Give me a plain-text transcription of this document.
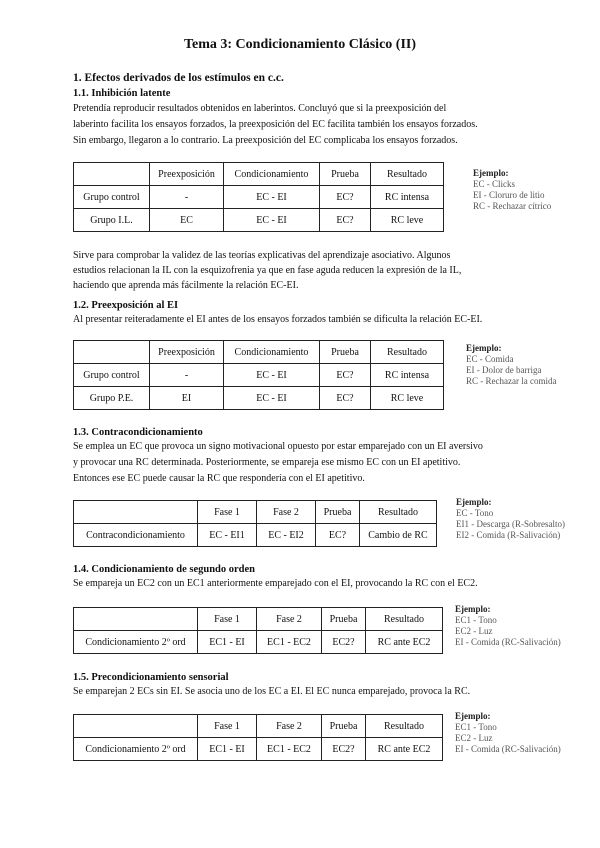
Tema 3: Condicionamiento Clásico (II)
1. Efectos derivados de los estímulos en c.c.
1.1. Inhibición latente
Pretendía reproducir resultados obtenidos en laberintos. Concluyó que si la preexposición del
laberinto facilita los ensayos forzados, la preexposición del EC facilita también los ensayos forzados.
Sin embargo, llegaron a lo contrario. La preexposición del EC complicaba los ensayos forzados.
	Preexposición	Condicionamiento	Prueba	Resultado
Grupo control	-	EC - EI	EC?	RC intensa
Grupo I.L.	EC	EC - EI	EC?	RC leve
Ejemplo:
EC - Clicks
EI - Cloruro de litio
RC - Rechazar cítrico
Sirve para comprobar la validez de las teorías explicativas del aprendizaje asociativo. Algunos
estudios relacionan la IL con la esquizofrenia ya que en fase aguda reducen la expresión de la IL,
haciendo que aprenda más fácilmente la relación EC-EI.
1.2. Preexposición al EI
Al presentar reiteradamente el EI antes de los ensayos forzados también se dificulta la relación EC-EI.
	Preexposición	Condicionamiento	Prueba	Resultado
Grupo control	-	EC - EI	EC?	RC intensa
Grupo P.E.	EI	EC - EI	EC?	RC leve
Ejemplo:
EC - Comida
EI - Dolor de barriga
RC - Rechazar la comida
1.3. Contracondicionamiento
Se emplea un EC que provoca un signo motivacional opuesto por estar emparejado con un EI aversivo
y provocar una RC determinada. Posteriormente, se empareja ese mismo EC con un EI apetitivo.
Entonces ese EC puede causar la RC que respondería con el EI apetitivo.
	Fase 1	Fase 2	Prueba	Resultado
Contracondicionamiento	EC - EI1	EC - EI2	EC?	Cambio de RC
Ejemplo:
EC - Tono
EI1 - Descarga (R-Sobresalto)
EI2 - Comida (R-Salivación)
1.4. Condicionamiento de segundo orden
Se empareja un EC2 con un EC1 anteriormente emparejado con el EI, provocando la RC con el EC2.
	Fase 1	Fase 2	Prueba	Resultado
Condicionamiento 2º ord	EC1 - EI	EC1 - EC2	EC2?	RC ante EC2
Ejemplo:
EC1 - Tono
EC2 - Luz
EI - Comida (RC-Salivación)
1.5. Precondicionamiento sensorial
Se emparejan 2 ECs sin EI. Se asocia uno de los EC a EI. El EC nunca emparejado, provoca la RC.
	Fase 1	Fase 2	Prueba	Resultado
Condicionamiento 2º ord	EC1 - EI	EC1 - EC2	EC2?	RC ante EC2
Ejemplo:
EC1 - Tono
EC2 - Luz
EI - Comida (RC-Salivación)
